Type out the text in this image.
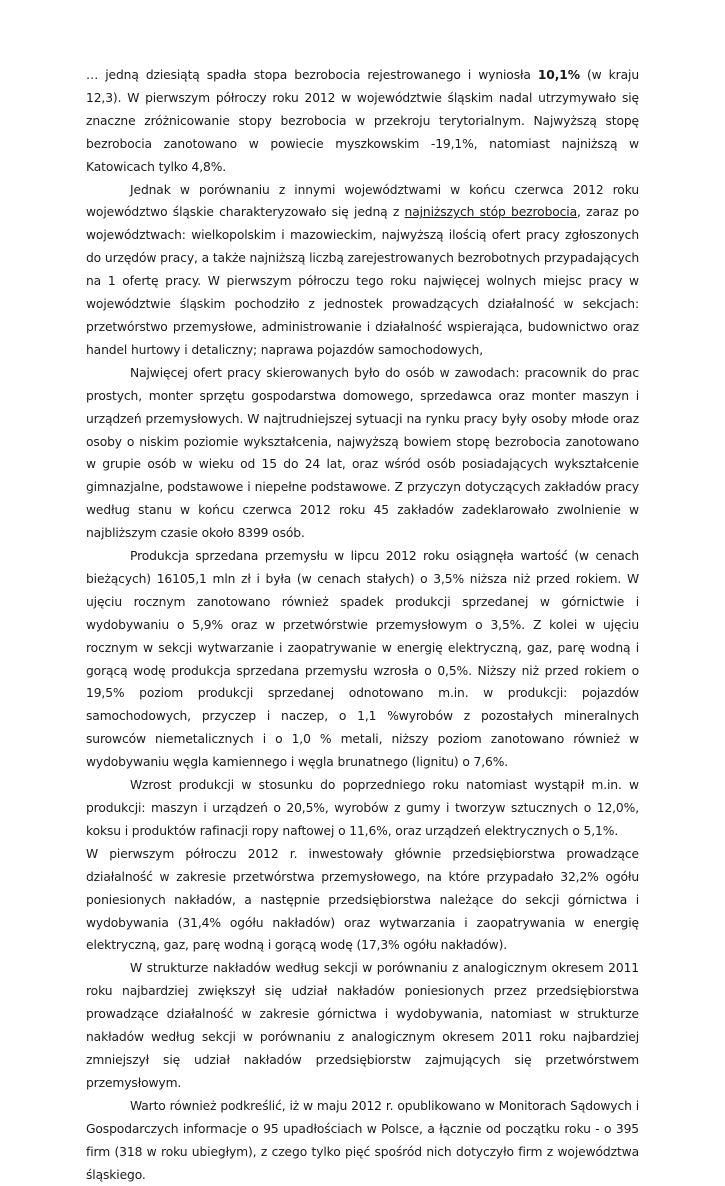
… jedną dziesiątą spadła stopa bezrobocia rejestrowanego i wyniosła 10,1% (w kraju 12,3). W pierwszym półroczy roku 2012 w województwie śląskim nadal utrzymywało się znaczne zróżnicowanie stopy bezrobocia w przekroju terytorialnym. Najwyższą stopę bezrobocia zanotowano w powiecie myszkowskim -19,1%, natomiast najniższą w Katowicach tylko 4,8%.

Jednak w porównaniu z innymi województwami w końcu czerwca 2012 roku województwo śląskie charakteryzowało się jedną z najniższych stóp bezrobocia, zaraz po województwach: wielkopolskim i mazowieckim, najwyższą ilością ofert pracy zgłoszonych do urzędów pracy, a także najniższą liczbą zarejestrowanych bezrobotnych przypadających na 1 ofertę pracy. W pierwszym półroczu tego roku najwięcej wolnych miejsc pracy w województwie śląskim pochodziło z jednostek prowadzących działalność w sekcjach: przetwórstwo przemysłowe, administrowanie i działalność wspierająca, budownictwo oraz handel hurtowy i detaliczny; naprawa pojazdów samochodowych,

Najwięcej ofert pracy skierowanych było do osób w zawodach: pracownik do prac prostych, monter sprzętu gospodarstwa domowego, sprzedawca oraz monter maszyn i urządzeń przemysłowych. W najtrudniejszej sytuacji na rynku pracy były osoby młode oraz osoby o niskim poziomie wykształcenia, najwyższą bowiem stopę bezrobocia zanotowano w grupie osób w wieku od 15 do 24 lat, oraz wśród osób posiadających wykształcenie gimnazjalne, podstawowe i niepełne podstawowe. Z przyczyn dotyczących zakładów pracy według stanu w końcu czerwca 2012 roku 45 zakładów zadeklarowało zwolnienie w najbliższym czasie około 8399 osób.

Produkcja sprzedana przemysłu w lipcu 2012 roku osiągnęła wartość (w cenach bieżących) 16105,1 mln zł i była (w cenach stałych) o 3,5% niższa niż przed rokiem. W ujęciu rocznym zanotowano również spadek produkcji sprzedanej w górnictwie i wydobywaniu o 5,9% oraz w przetwórstwie przemysłowym o 3,5%. Z kolei w ujęciu rocznym w sekcji wytwarzanie i zaopatrywanie w energię elektryczną, gaz, parę wodną i gorącą wodę produkcja sprzedana przemysłu wzrosła o 0,5%. Niższy niż przed rokiem o 19,5% poziom produkcji sprzedanej odnotowano m.in. w produkcji: pojazdów samochodowych, przyczep i naczep, o 1,1 %wyrobów z pozostałych mineralnych surowców niemetalicznych i o 1,0 % metali, niższy poziom zanotowano również w wydobywaniu węgla kamiennego i węgla brunatnego (lignitu) o 7,6%.

Wzrost produkcji w stosunku do poprzedniego roku natomiast wystąpił m.in. w produkcji: maszyn i urządzeń o 20,5%, wyrobów z gumy i tworzyw sztucznych o 12,0%, koksu i produktów rafinacji ropy naftowej o 11,6%, oraz urządzeń elektrycznych o 5,1%.

W pierwszym półroczu 2012 r. inwestowały głównie przedsiębiorstwa prowadzące działalność w zakresie przetwórstwa przemysłowego, na które przypadało 32,2% ogółu poniesionych nakładów, a następnie przedsiębiorstwa należące do sekcji górnictwa i wydobywania (31,4% ogółu nakładów) oraz wytwarzania i zaopatrywania w energię elektryczną, gaz, parę wodną i gorącą wodę (17,3% ogółu nakładów).

W strukturze nakładów według sekcji w porównaniu z analogicznym okresem 2011 roku najbardziej zwiększył się udział nakładów poniesionych przez przedsiębiorstwa prowadzące działalność w zakresie górnictwa i wydobywania, natomiast w strukturze nakładów według sekcji w porównaniu z analogicznym okresem 2011 roku najbardziej zmniejszył się udział nakładów przedsiębiorstw zajmujących się przetwórstwem przemysłowym.

Warto również podkreślić, iż w maju 2012 r. opublikowano w Monitorach Sądowych i Gospodarczych informacje o 95 upadłościach w Polsce, a łącznie od początku roku - o 395 firm (318 w roku ubiegłym), z czego tylko pięć spośród nich dotyczyło firm z województwa śląskiego.
